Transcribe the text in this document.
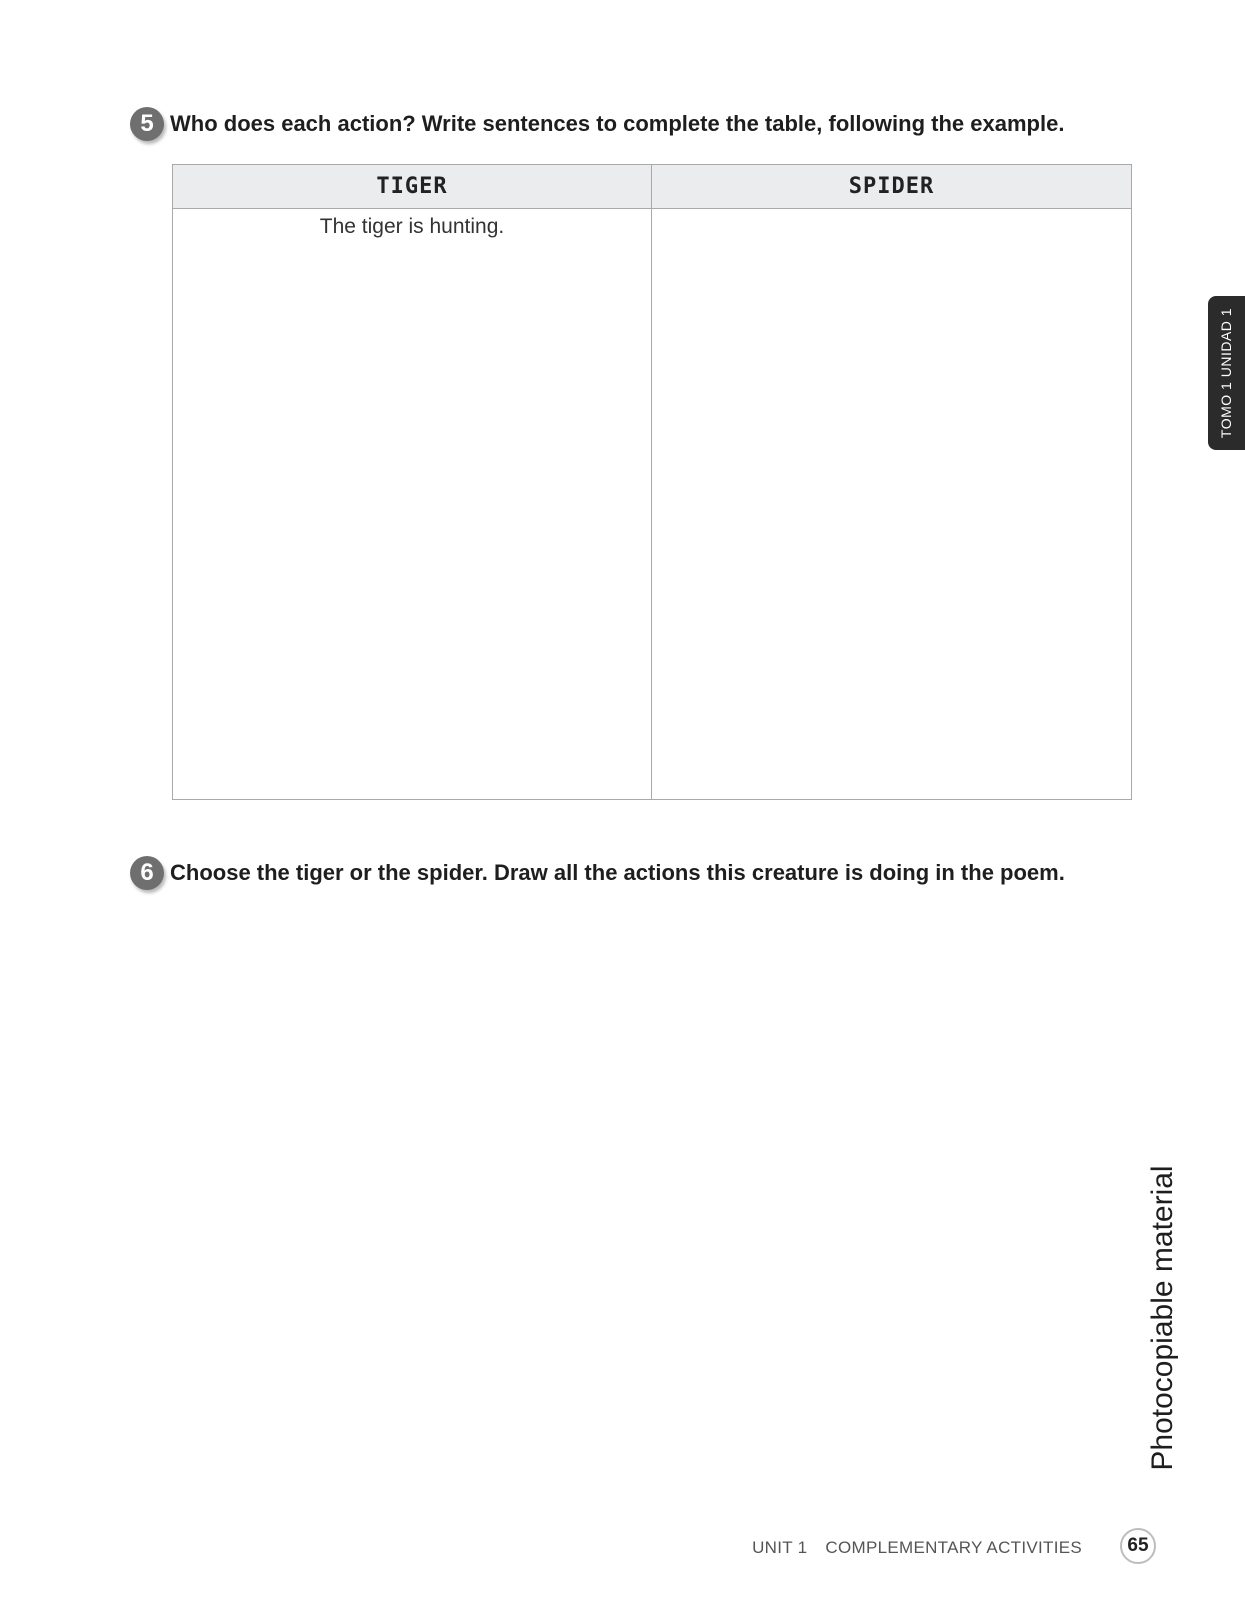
5 Who does each action? Write sentences to complete the table, following the example.
TIGER	SPIDER
The tiger is hunting.
6 Choose the tiger or the spider. Draw all the actions this creature is doing in the poem.
TOMO 1 UNIDAD 1
Photocopiable material
UNIT 1 COMPLEMENTARY ACTIVITIES	65
